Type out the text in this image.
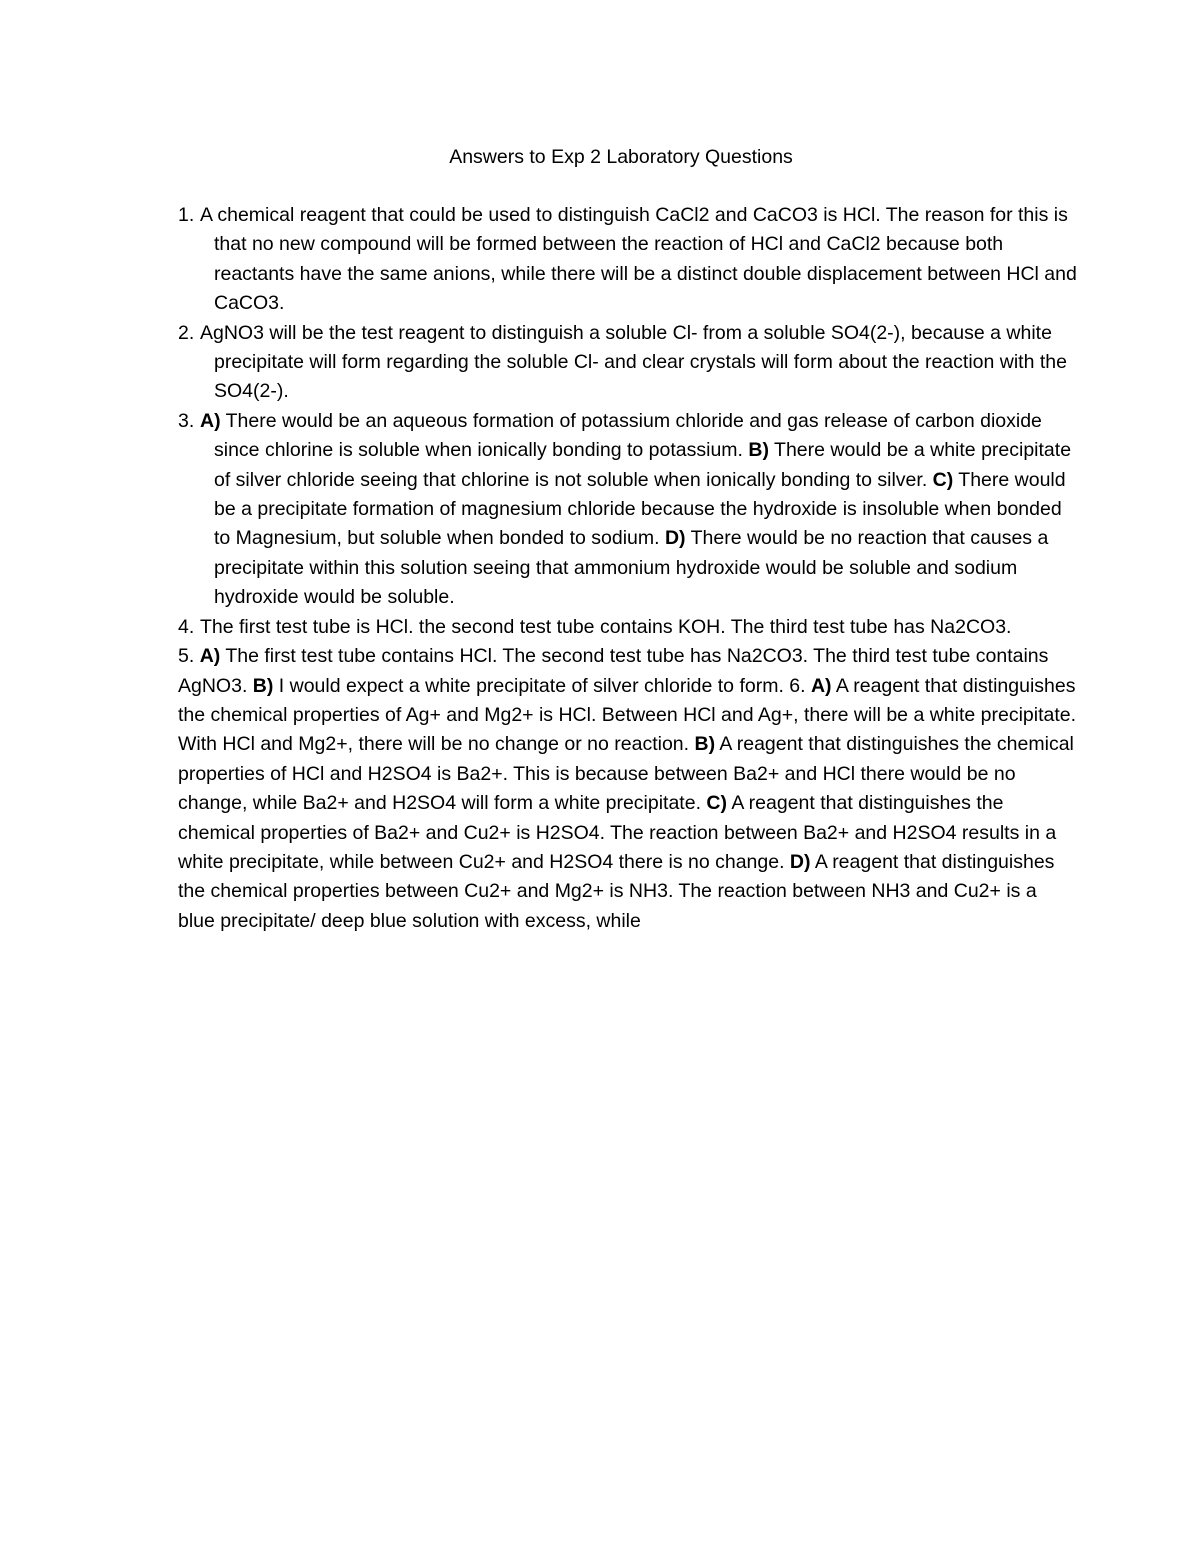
Answers to Exp 2 Laboratory Questions
1. A chemical reagent that could be used to distinguish CaCl2 and CaCO3 is HCl. The reason for this is that no new compound will be formed between the reaction of HCl and CaCl2 because both reactants have the same anions, while there will be a distinct double displacement between HCl and CaCO3.
2. AgNO3 will be the test reagent to distinguish a soluble Cl- from a soluble SO4(2-), because a white precipitate will form regarding the soluble Cl- and clear crystals will form about the reaction with the SO4(2-).
3. A) There would be an aqueous formation of potassium chloride and gas release of carbon dioxide since chlorine is soluble when ionically bonding to potassium. B) There would be a white precipitate of silver chloride seeing that chlorine is not soluble when ionically bonding to silver. C) There would be a precipitate formation of magnesium chloride because the hydroxide is insoluble when bonded to Magnesium, but soluble when bonded to sodium. D) There would be no reaction that causes a precipitate within this solution seeing that ammonium hydroxide would be soluble and sodium hydroxide would be soluble.
4. The first test tube is HCl. the second test tube contains KOH. The third test tube has Na2CO3.
5. A) The first test tube contains HCl. The second test tube has Na2CO3. The third test tube contains AgNO3. B) I would expect a white precipitate of silver chloride to form. 6. A) A reagent that distinguishes the chemical properties of Ag+ and Mg2+ is HCl. Between HCl and Ag+, there will be a white precipitate. With HCl and Mg2+, there will be no change or no reaction. B) A reagent that distinguishes the chemical properties of HCl and H2SO4 is Ba2+. This is because between Ba2+ and HCl there would be no change, while Ba2+ and H2SO4 will form a white precipitate. C) A reagent that distinguishes the chemical properties of Ba2+ and Cu2+ is H2SO4. The reaction between Ba2+ and H2SO4 results in a white precipitate, while between Cu2+ and H2SO4 there is no change. D) A reagent that distinguishes the chemical properties between Cu2+ and Mg2+ is NH3. The reaction between NH3 and Cu2+ is a blue precipitate/ deep blue solution with excess, while
